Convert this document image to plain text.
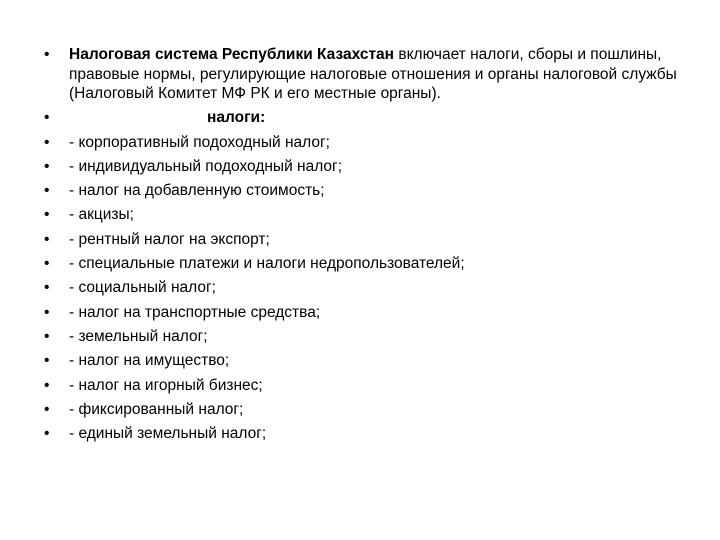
• Налоговая система Республики Казахстан включает налоги, сборы и пошлины, правовые нормы, регулирующие налоговые отношения и органы налоговой службы (Налоговый Комитет МФ РК и его местные органы).
•	налоги:
• - корпоративный подоходный налог;
• - индивидуальный подоходный налог;
• - налог на добавленную стоимость;
• - акцизы;
• - рентный налог на экспорт;
• - специальные платежи и налоги недропользователей;
• - социальный налог;
• - налог на транспортные средства;
• - земельный налог;
• - налог на имущество;
• - налог на игорный бизнес;
• - фиксированный налог;
• - единый земельный налог;
